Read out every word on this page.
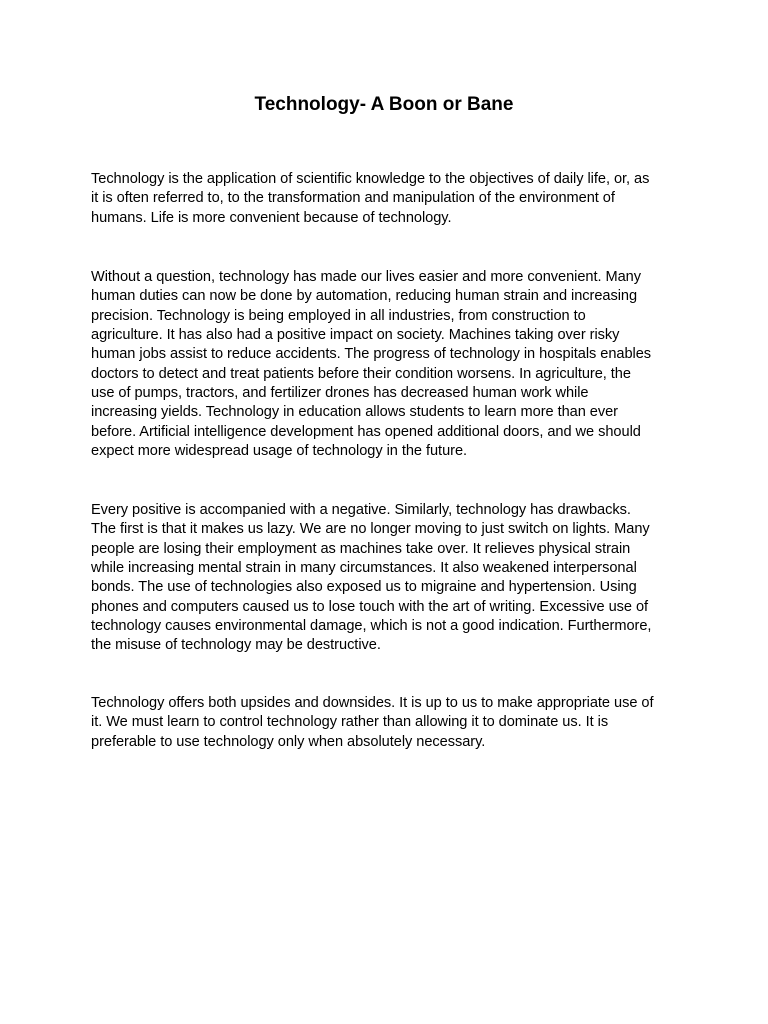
Technology- A Boon or Bane

Technology is the application of scientific knowledge to the objectives of daily life, or, as
it is often referred to, to the transformation and manipulation of the environment of
humans. Life is more convenient because of technology.

Without a question, technology has made our lives easier and more convenient. Many
human duties can now be done by automation, reducing human strain and increasing
precision. Technology is being employed in all industries, from construction to
agriculture. It has also had a positive impact on society. Machines taking over risky
human jobs assist to reduce accidents. The progress of technology in hospitals enables
doctors to detect and treat patients before their condition worsens. In agriculture, the
use of pumps, tractors, and fertilizer drones has decreased human work while
increasing yields. Technology in education allows students to learn more than ever
before. Artificial intelligence development has opened additional doors, and we should
expect more widespread usage of technology in the future.

Every positive is accompanied with a negative. Similarly, technology has drawbacks.
The first is that it makes us lazy. We are no longer moving to just switch on lights. Many
people are losing their employment as machines take over. It relieves physical strain
while increasing mental strain in many circumstances. It also weakened interpersonal
bonds. The use of technologies also exposed us to migraine and hypertension. Using
phones and computers caused us to lose touch with the art of writing. Excessive use of
technology causes environmental damage, which is not a good indication. Furthermore,
the misuse of technology may be destructive.

Technology offers both upsides and downsides. It is up to us to make appropriate use of
it. We must learn to control technology rather than allowing it to dominate us. It is
preferable to use technology only when absolutely necessary.
